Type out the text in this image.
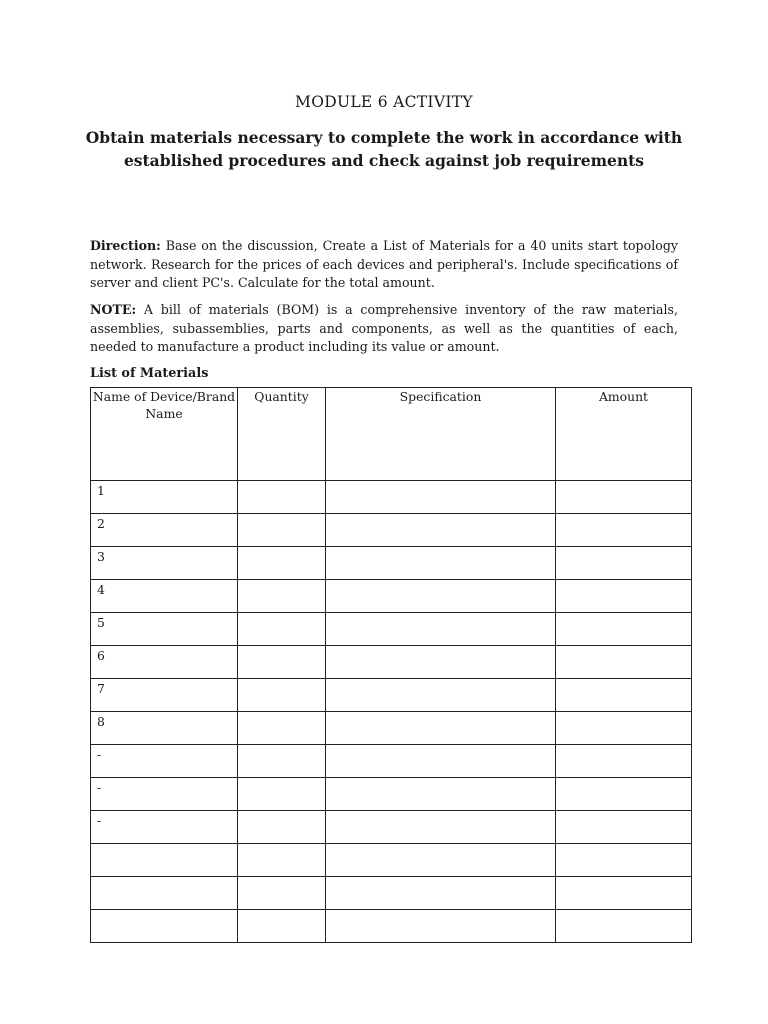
MODULE 6 ACTIVITY
Obtain materials necessary to complete the work in accordance with established procedures and check against job requirements
Direction: Base on the discussion, Create a List of Materials for a 40 units start topology network. Research for the prices of each devices and peripheral's. Include specifications of server and client PC's. Calculate for the total amount.
NOTE: A bill of materials (BOM) is a comprehensive inventory of the raw materials, assemblies, subassemblies, parts and components, as well as the quantities of each, needed to manufacture a product including its value or amount.
List of Materials
Name of Device/Brand Name	Quantity	Specification	Amount
1			
2			
3			
4			
5			
6			
7			
8			
-			
-			
-			
